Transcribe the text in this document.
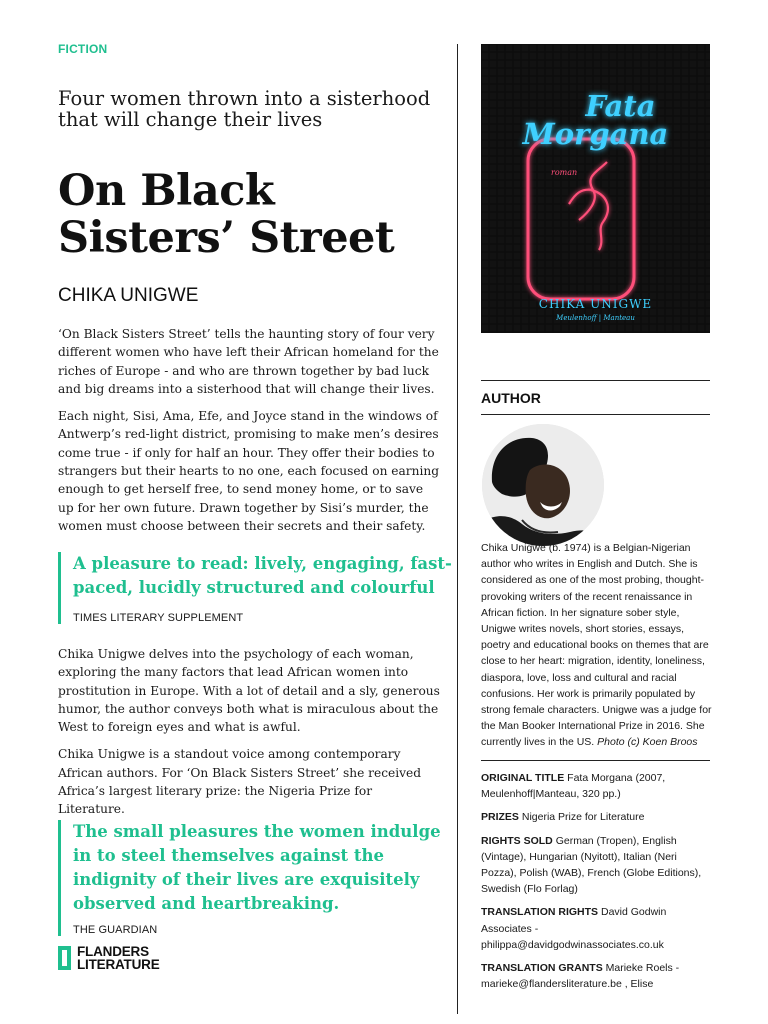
FICTION
Four women thrown into a sisterhood that will change their lives
On Black Sisters’ Street
CHIKA UNIGWE

‘On Black Sisters Street’ tells the haunting story of four very different women who have left their African homeland for the riches of Europe - and who are thrown together by bad luck and big dreams into a sisterhood that will change their lives.

Each night, Sisi, Ama, Efe, and Joyce stand in the windows of Antwerp’s red-light district, promising to make men’s desires come true - if only for half an hour. They offer their bodies to strangers but their hearts to no one, each focused on earning enough to get herself free, to send money home, or to save up for her own future. Drawn together by Sisi’s murder, the women must choose between their secrets and their safety.

A pleasure to read: lively, engaging, fast-paced, lucidly structured and colourful
TIMES LITERARY SUPPLEMENT

Chika Unigwe delves into the psychology of each woman, exploring the many factors that lead African women into prostitution in Europe. With a lot of detail and a sly, generous humor, the author conveys both what is miraculous about the West to foreign eyes and what is awful.

Chika Unigwe is a standout voice among contemporary African authors. For ‘On Black Sisters Street’ she received Africa’s largest literary prize: the Nigeria Prize for Literature.

The small pleasures the women indulge in to steel themselves against the indignity of their lives are exquisitely observed and heartbreaking.
THE GUARDIAN
FLANDERS
LITERATURE
Fata
Morgana
roman
CHIKA UNIGWE
Meulenhoff | Manteau
AUTHOR
Chika Unigwe (b. 1974) is a Belgian-Nigerian author who writes in English and Dutch. She is considered as one of the most probing, thought-provoking writers of the recent renaissance in African fiction. In her signature sober style, Unigwe writes novels, short stories, essays, poetry and educational books on themes that are close to her heart: migration, identity, loneliness, diaspora, love, loss and cultural and racial confusions. Her work is primarily populated by strong female characters. Unigwe was a judge for the Man Booker International Prize in 2016. She currently lives in the US. Photo (c) Koen Broos

ORIGINAL TITLE Fata Morgana (2007, Meulenhoff|Manteau, 320 pp.)

PRIZES Nigeria Prize for Literature

RIGHTS SOLD German (Tropen), English (Vintage), Hungarian (Nyitott), Italian (Neri Pozza), Polish (WAB), French (Globe Editions), Swedish (Flo Forlag)

TRANSLATION RIGHTS David Godwin Associates - philippa@davidgodwinassociates.co.uk

TRANSLATION GRANTS Marieke Roels - marieke@flandersliterature.be , Elise
